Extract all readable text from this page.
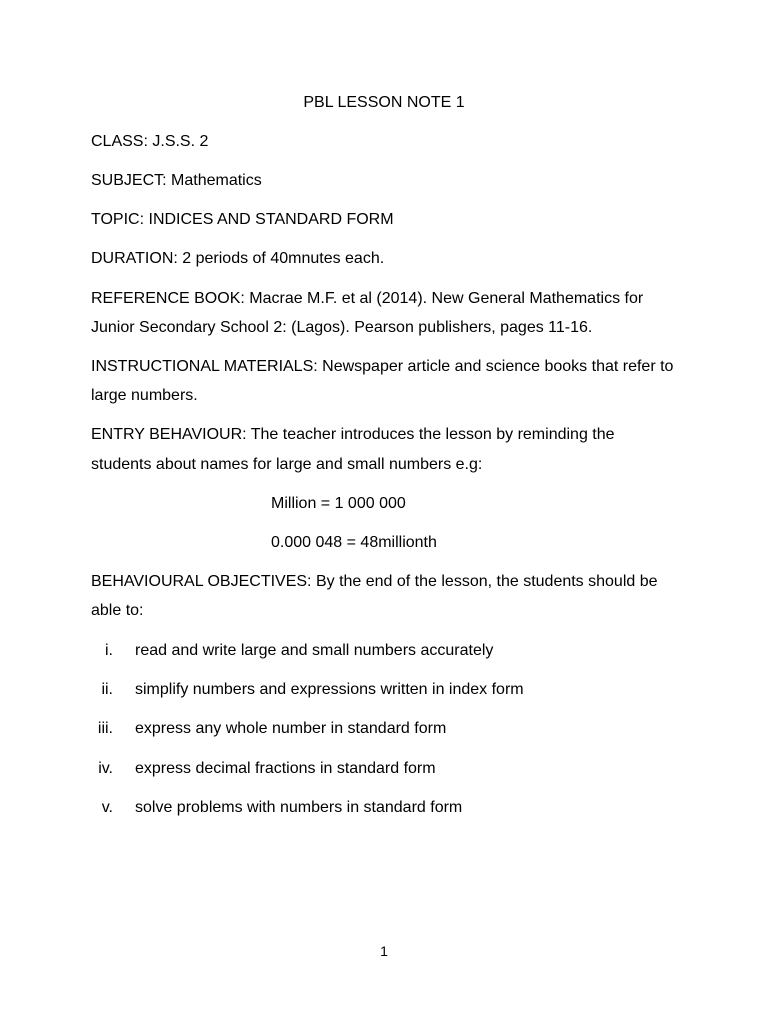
PBL LESSON NOTE 1
CLASS: J.S.S. 2
SUBJECT: Mathematics
TOPIC: INDICES AND STANDARD FORM
DURATION: 2 periods of 40mnutes each.
REFERENCE BOOK: Macrae M.F. et al (2014). New General Mathematics for
Junior Secondary School 2: (Lagos). Pearson publishers, pages 11-16.
INSTRUCTIONAL MATERIALS: Newspaper article and science books that refer to
large numbers.
ENTRY BEHAVIOUR: The teacher introduces the lesson by reminding the
students about names for large and small numbers e.g:
Million = 1 000 000
0.000 048 = 48millionth
BEHAVIOURAL OBJECTIVES: By the end of the lesson, the students should be
able to:
i. read and write large and small numbers accurately
ii. simplify numbers and expressions written in index form
iii. express any whole number in standard form
iv. express decimal fractions in standard form
v. solve problems with numbers in standard form
1
